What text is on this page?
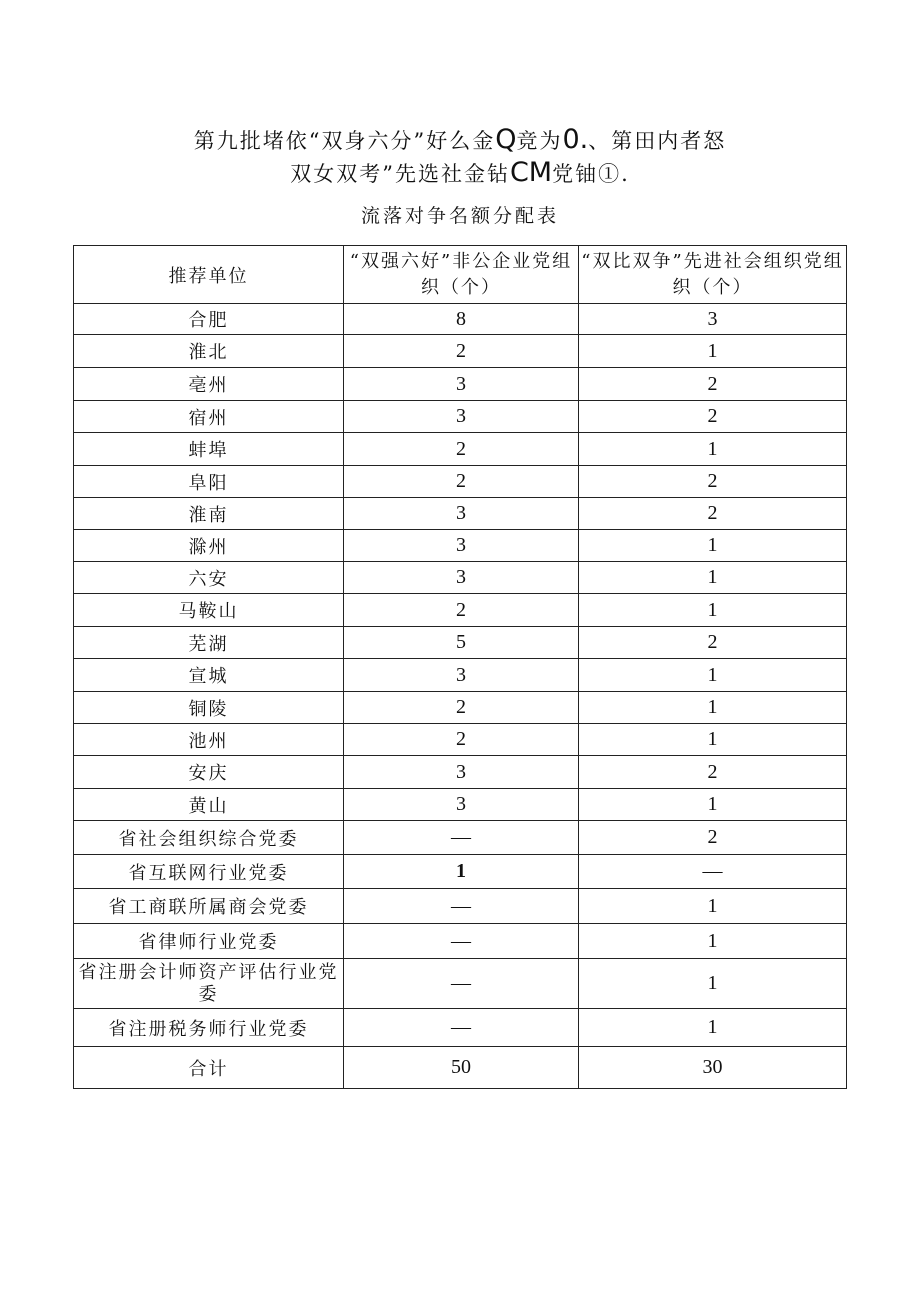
第九批堵依“双身六分”好么金Q竞为0.、第田内者怒
双女双考”先选社金钻CM党铀①.
流落对争名额分配表
推荐单位	“双强六好”非公企业党组织（个）	“双比双争”先进社会组织党组织（个）
合肥	8	3
淮北	2	1
亳州	3	2
宿州	3	2
蚌埠	2	1
阜阳	2	2
淮南	3	2
滁州	3	1
六安	3	1
马鞍山	2	1
芜湖	5	2
宣城	3	1
铜陵	2	1
池州	2	1
安庆	3	2
黄山	3	1
省社会组织综合党委	—	2
省互联网行业党委	1	—
省工商联所属商会党委	—	1
省律师行业党委	—	1
省注册会计师资产评估行业党委	—	1
省注册税务师行业党委	—	1
合计	50	30
